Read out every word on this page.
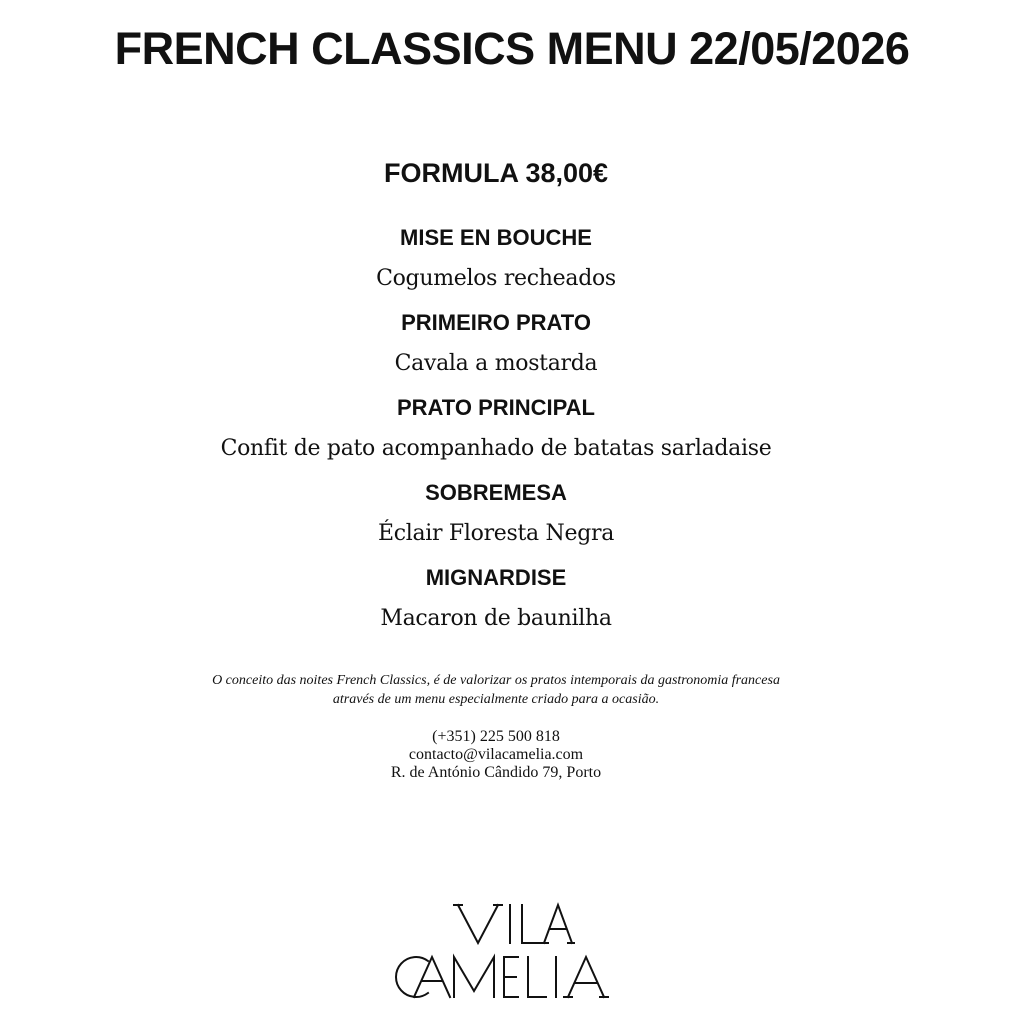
FRENCH CLASSICS MENU 22/05/2026
FORMULA 38,00€
MISE EN BOUCHE
Cogumelos recheados
PRIMEIRO PRATO
Cavala a mostarda
PRATO PRINCIPAL
Confit de pato acompanhado de batatas sarladaise
SOBREMESA
Éclair Floresta Negra
MIGNARDISE
Macaron de baunilha
O conceito das noites French Classics, é de valorizar os pratos intemporais da gastronomia francesa
através de um menu especialmente criado para a ocasião.
(+351) 225 500 818
contacto@vilacamelia.com
R. de António Cândido 79, Porto
